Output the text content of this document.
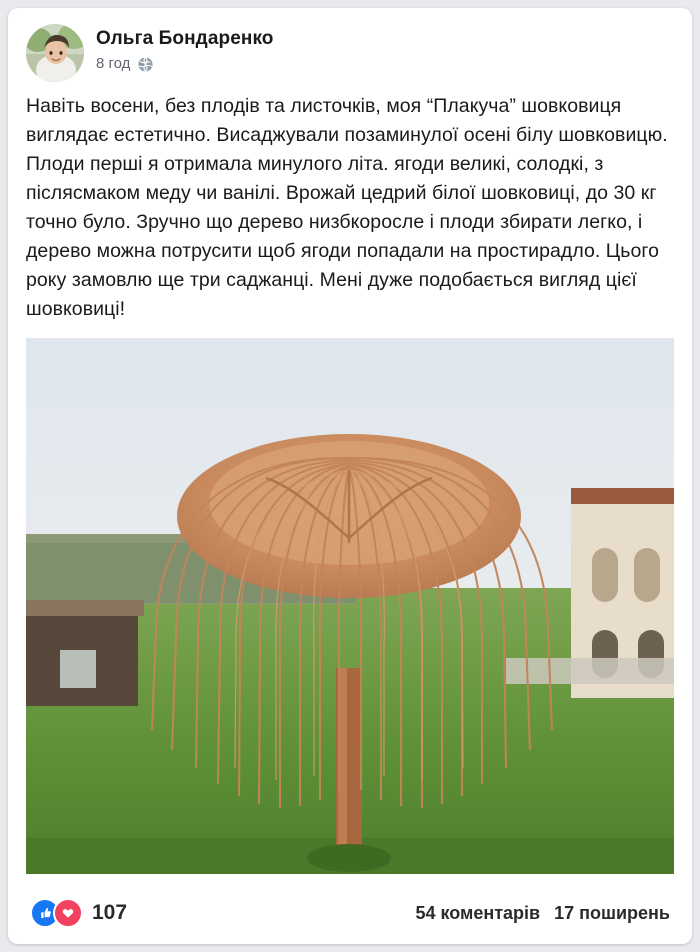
Ольга Бондаренко
8 год
Навіть восени, без плодів та листочків, моя “Плакуча” шовковиця виглядає естетично. Висаджували позаминулої осені білу шовковицю. Плоди перші я отримала минулого літа. ягоди великі, солодкі, з післясмаком меду чи ванілі. Врожай цедрий білої шовковиці, до 30 кг точно було. Зручно що дерево низбкоросле і плоди збирати легко, і дерево можна потрусити щоб ягоди попадали на простирадло. Цього року замовлю ще три саджанці. Мені дуже подобається вигляд цієї шовковиці!
107	54 коментарів 17 поширень
